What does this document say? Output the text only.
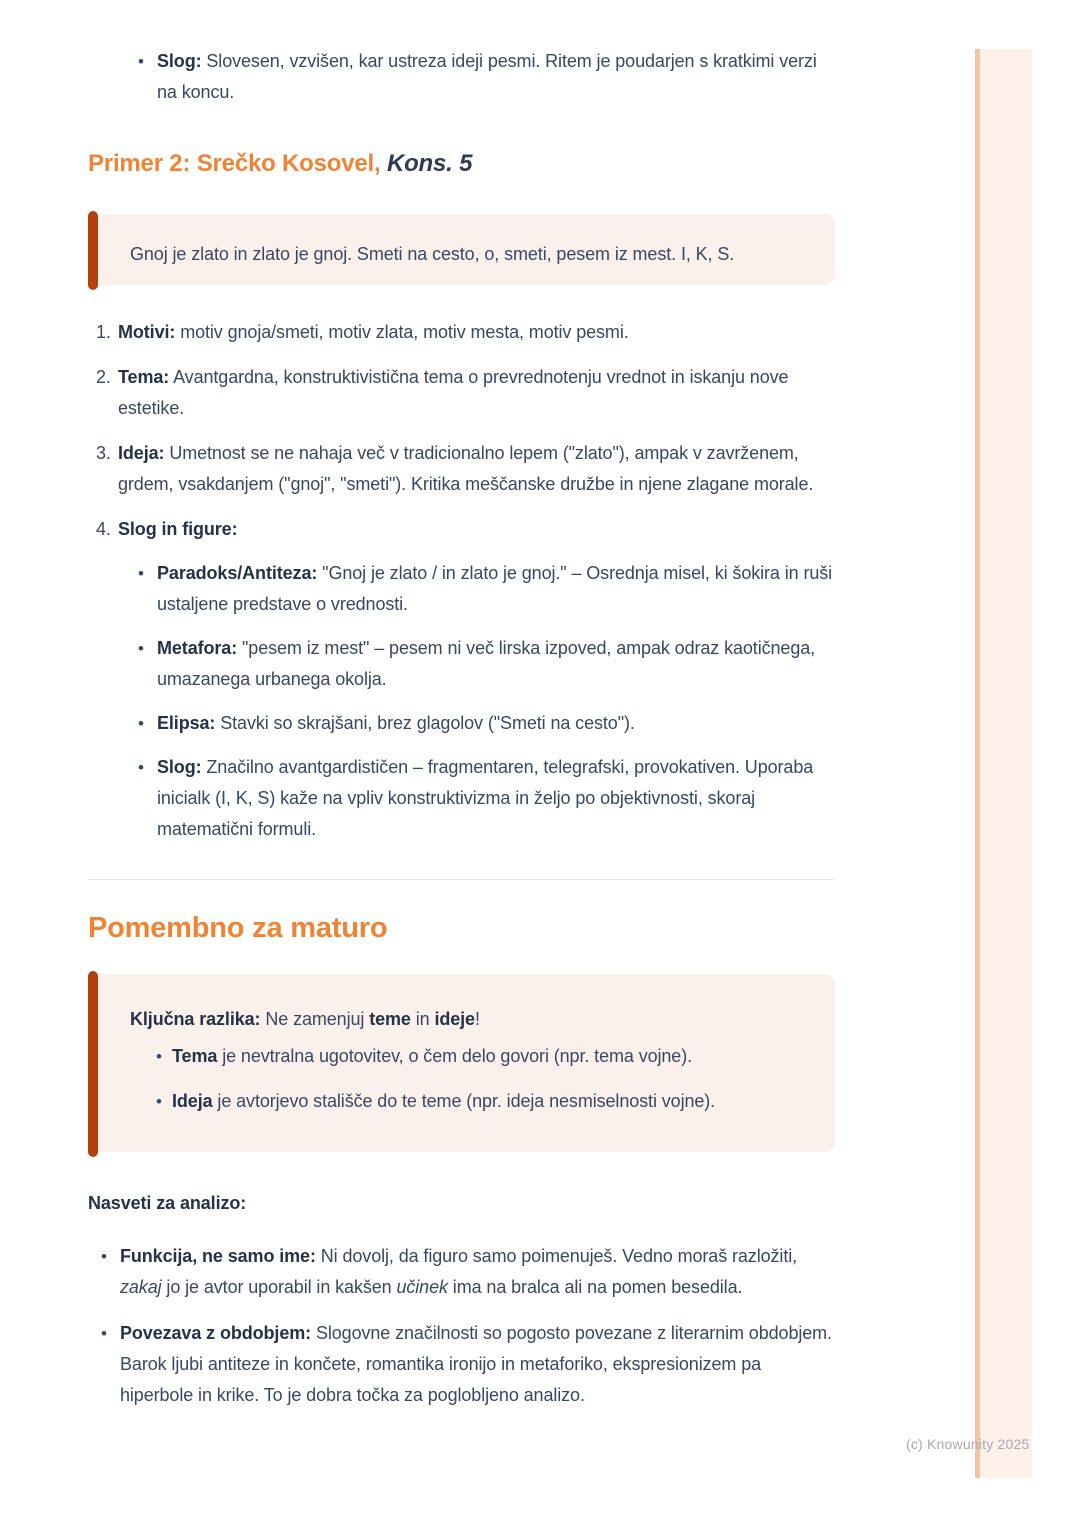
(c) Knowunity 2025
• Slog: Slovesen, vzvišen, kar ustreza ideji pesmi. Ritem je poudarjen s kratkimi verzi na koncu.
Primer 2: Srečko Kosovel, Kons. 5
Gnoj je zlato in zlato je gnoj. Smeti na cesto, o, smeti, pesem iz mest. I, K, S.
1. Motivi: motiv gnoja/smeti, motiv zlata, motiv mesta, motiv pesmi.
2. Tema: Avantgardna, konstruktivistična tema o prevrednotenju vrednot in iskanju nove estetike.
3. Ideja: Umetnost se ne nahaja več v tradicionalno lepem ("zlato"), ampak v zavrženem, grdem, vsakdanjem ("gnoj", "smeti"). Kritika meščanske družbe in njene zlagane morale.
4. Slog in figure:
• Paradoks/Antiteza: "Gnoj je zlato / in zlato je gnoj." – Osrednja misel, ki šokira in ruši ustaljene predstave o vrednosti.
• Metafora: "pesem iz mest" – pesem ni več lirska izpoved, ampak odraz kaotičnega, umazanega urbanega okolja.
• Elipsa: Stavki so skrajšani, brez glagolov ("Smeti na cesto").
• Slog: Značilno avantgardističen – fragmentaren, telegrafski, provokativen. Uporaba inicialk (I, K, S) kaže na vpliv konstruktivizma in željo po objektivnosti, skoraj matematični formuli.
Pomembno za maturo
Ključna razlika: Ne zamenjuj teme in ideje!
• Tema je nevtralna ugotovitev, o čem delo govori (npr. tema vojne).
• Ideja je avtorjevo stališče do te teme (npr. ideja nesmiselnosti vojne).
Nasveti za analizo:
• Funkcija, ne samo ime: Ni dovolj, da figuro samo poimenuješ. Vedno moraš razložiti, zakaj jo je avtor uporabil in kakšen učinek ima na bralca ali na pomen besedila.
• Povezava z obdobjem: Slogovne značilnosti so pogosto povezane z literarnim obdobjem. Barok ljubi antiteze in končete, romantika ironijo in metaforiko, ekspresionizem pa hiperbole in krike. To je dobra točka za poglobljeno analizo.
